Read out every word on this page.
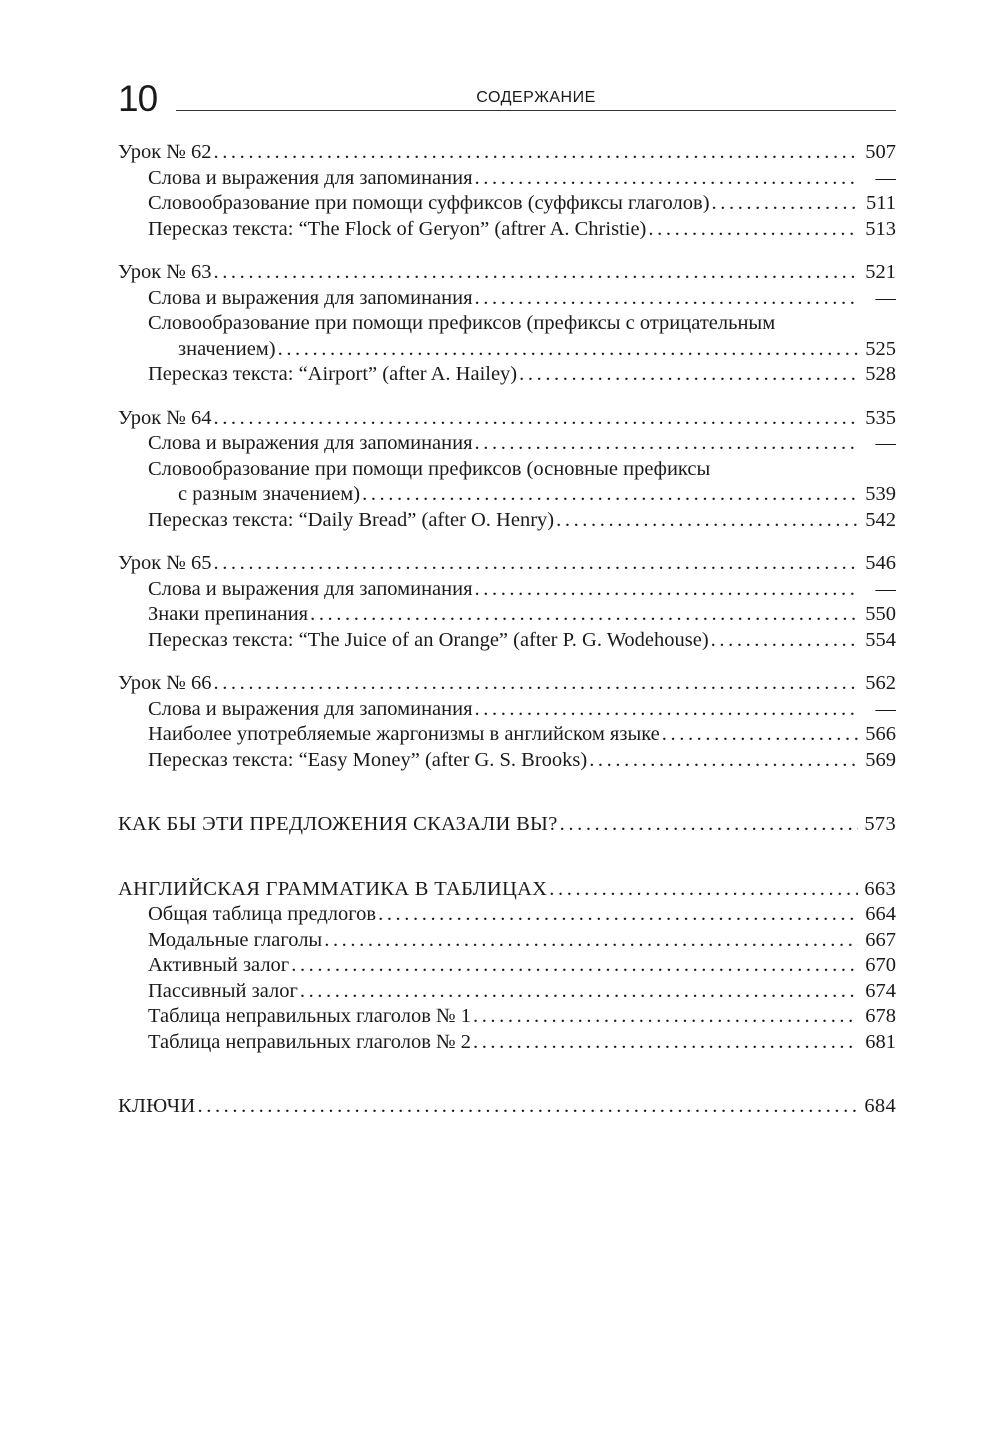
10	СОДЕРЖАНИЕ
Урок № 62 .....	507
Слова и выражения для запоминания .....	—
Словообразование при помощи суффиксов (суффиксы глаголов) .....	511
Пересказ текста: “The Flock of Geryon” (aftrer A. Christie) .....	513
Урок № 63 .....	521
Слова и выражения для запоминания .....	—
Словообразование при помощи префиксов (префиксы с отрицательным
значением) .....	525
Пересказ текста: “Airport” (after A. Hailey) .....	528
Урок № 64 .....	535
Слова и выражения для запоминания .....	—
Словообразование при помощи префиксов (основные префиксы
с разным значением) .....	539
Пересказ текста: “Daily Bread” (after O. Henry) .....	542
Урок № 65 .....	546
Слова и выражения для запоминания .....	—
Знаки препинания .....	550
Пересказ текста: “The Juice of an Orange” (after P. G. Wodehouse) .....	554
Урок № 66 .....	562
Слова и выражения для запоминания .....	—
Наиболее употребляемые жаргонизмы в английском языке .....	566
Пересказ текста: “Easy Money” (after G. S. Brooks) .....	569
КАК БЫ ЭТИ ПРЕДЛОЖЕНИЯ СКАЗАЛИ ВЫ? .....	573
АНГЛИЙСКАЯ ГРАММАТИКА В ТАБЛИЦАХ .....	663
Общая таблица предлогов .....	664
Модальные глаголы .....	667
Активный залог .....	670
Пассивный залог .....	674
Таблица неправильных глаголов № 1 .....	678
Таблица неправильных глаголов № 2 .....	681
КЛЮЧИ .....	684
